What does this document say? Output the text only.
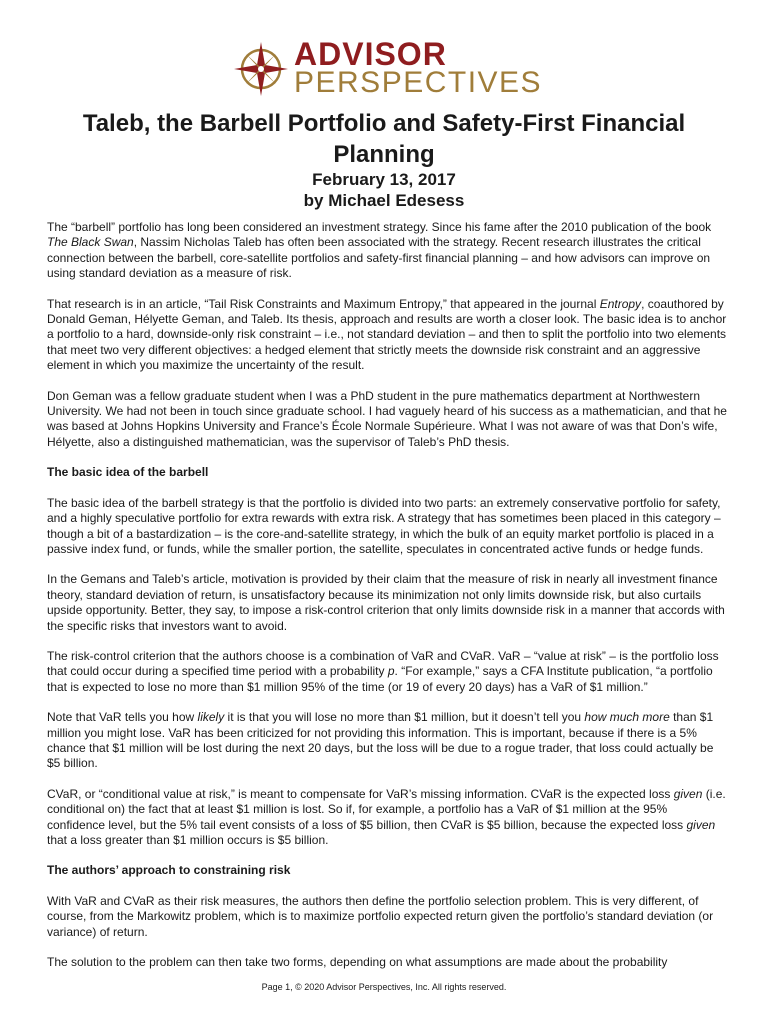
ADVISOR
PERSPECTIVES
Taleb, the Barbell Portfolio and Safety-First Financial Planning
February 13, 2017
by Michael Edesess

The “barbell” portfolio has long been considered an investment strategy. Since his fame after the 2010 publication of the book The Black Swan, Nassim Nicholas Taleb has often been associated with the strategy. Recent research illustrates the critical connection between the barbell, core-satellite portfolios and safety-first financial planning – and how advisors can improve on using standard deviation as a measure of risk.

That research is in an article, “Tail Risk Constraints and Maximum Entropy,” that appeared in the journal Entropy, coauthored by Donald Geman, Hélyette Geman, and Taleb. Its thesis, approach and results are worth a closer look. The basic idea is to anchor a portfolio to a hard, downside-only risk constraint – i.e., not standard deviation – and then to split the portfolio into two elements that meet two very different objectives: a hedged element that strictly meets the downside risk constraint and an aggressive element in which you maximize the uncertainty of the result.

Don Geman was a fellow graduate student when I was a PhD student in the pure mathematics department at Northwestern University. We had not been in touch since graduate school. I had vaguely heard of his success as a mathematician, and that he was based at Johns Hopkins University and France’s École Normale Supérieure. What I was not aware of was that Don’s wife, Hélyette, also a distinguished mathematician, was the supervisor of Taleb’s PhD thesis.

The basic idea of the barbell

The basic idea of the barbell strategy is that the portfolio is divided into two parts: an extremely conservative portfolio for safety, and a highly speculative portfolio for extra rewards with extra risk. A strategy that has sometimes been placed in this category – though a bit of a bastardization – is the core-and-satellite strategy, in which the bulk of an equity market portfolio is placed in a passive index fund, or funds, while the smaller portion, the satellite, speculates in concentrated active funds or hedge funds.

In the Gemans and Taleb’s article, motivation is provided by their claim that the measure of risk in nearly all investment finance theory, standard deviation of return, is unsatisfactory because its minimization not only limits downside risk, but also curtails upside opportunity. Better, they say, to impose a risk-control criterion that only limits downside risk in a manner that accords with the specific risks that investors want to avoid.

The risk-control criterion that the authors choose is a combination of VaR and CVaR. VaR – “value at risk” – is the portfolio loss that could occur during a specified time period with a probability p. “For example,” says a CFA Institute publication, “a portfolio that is expected to lose no more than $1 million 95% of the time (or 19 of every 20 days) has a VaR of $1 million.”

Note that VaR tells you how likely it is that you will lose no more than $1 million, but it doesn’t tell you how much more than $1 million you might lose. VaR has been criticized for not providing this information. This is important, because if there is a 5% chance that $1 million will be lost during the next 20 days, but the loss will be due to a rogue trader, that loss could actually be $5 billion.

CVaR, or “conditional value at risk,” is meant to compensate for VaR’s missing information. CVaR is the expected loss given (i.e. conditional on) the fact that at least $1 million is lost. So if, for example, a portfolio has a VaR of $1 million at the 95% confidence level, but the 5% tail event consists of a loss of $5 billion, then CVaR is $5 billion, because the expected loss given that a loss greater than $1 million occurs is $5 billion.

The authors’ approach to constraining risk

With VaR and CVaR as their risk measures, the authors then define the portfolio selection problem. This is very different, of course, from the Markowitz problem, which is to maximize portfolio expected return given the portfolio’s standard deviation (or variance) of return.

The solution to the problem can then take two forms, depending on what assumptions are made about the probability

Page 1, © 2020 Advisor Perspectives, Inc. All rights reserved.
